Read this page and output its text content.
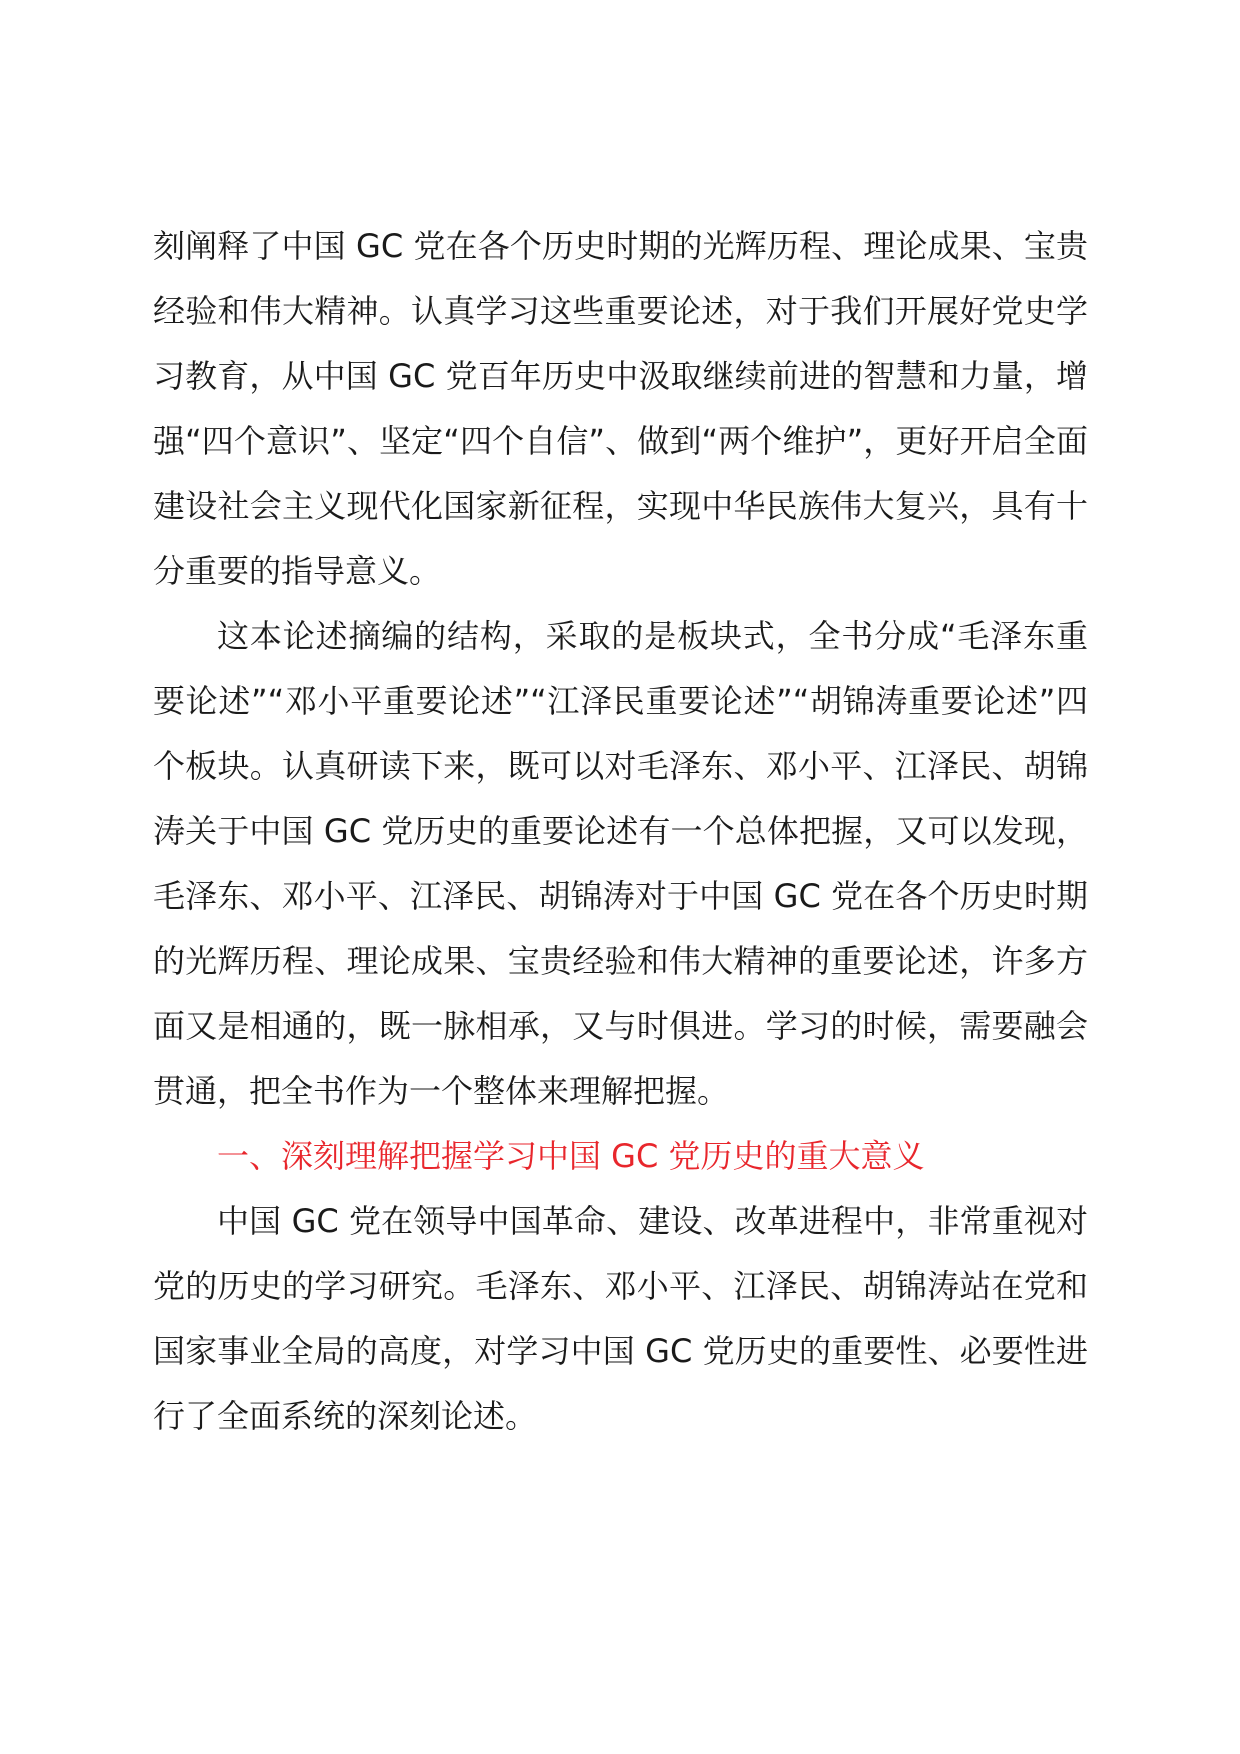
刻阐释了中国 GC 党在各个历史时期的光辉历程、理论成果、宝贵经验和伟大精神。认真学习这些重要论述，对于我们开展好党史学习教育，从中国 GC 党百年历史中汲取继续前进的智慧和力量，增强“四个意识”、坚定“四个自信”、做到“两个维护”，更好开启全面建设社会主义现代化国家新征程，实现中华民族伟大复兴，具有十分重要的指导意义。

这本论述摘编的结构，采取的是板块式，全书分成“毛泽东重要论述”“邓小平重要论述”“江泽民重要论述”“胡锦涛重要论述”四个板块。认真研读下来，既可以对毛泽东、邓小平、江泽民、胡锦涛关于中国 GC 党历史的重要论述有一个总体把握，又可以发现，毛泽东、邓小平、江泽民、胡锦涛对于中国 GC 党在各个历史时期的光辉历程、理论成果、宝贵经验和伟大精神的重要论述，许多方面又是相通的，既一脉相承，又与时俱进。学习的时候，需要融会贯通，把全书作为一个整体来理解把握。

一、深刻理解把握学习中国 GC 党历史的重大意义

中国 GC 党在领导中国革命、建设、改革进程中，非常重视对党的历史的学习研究。毛泽东、邓小平、江泽民、胡锦涛站在党和国家事业全局的高度，对学习中国 GC 党历史的重要性、必要性进行了全面系统的深刻论述。
